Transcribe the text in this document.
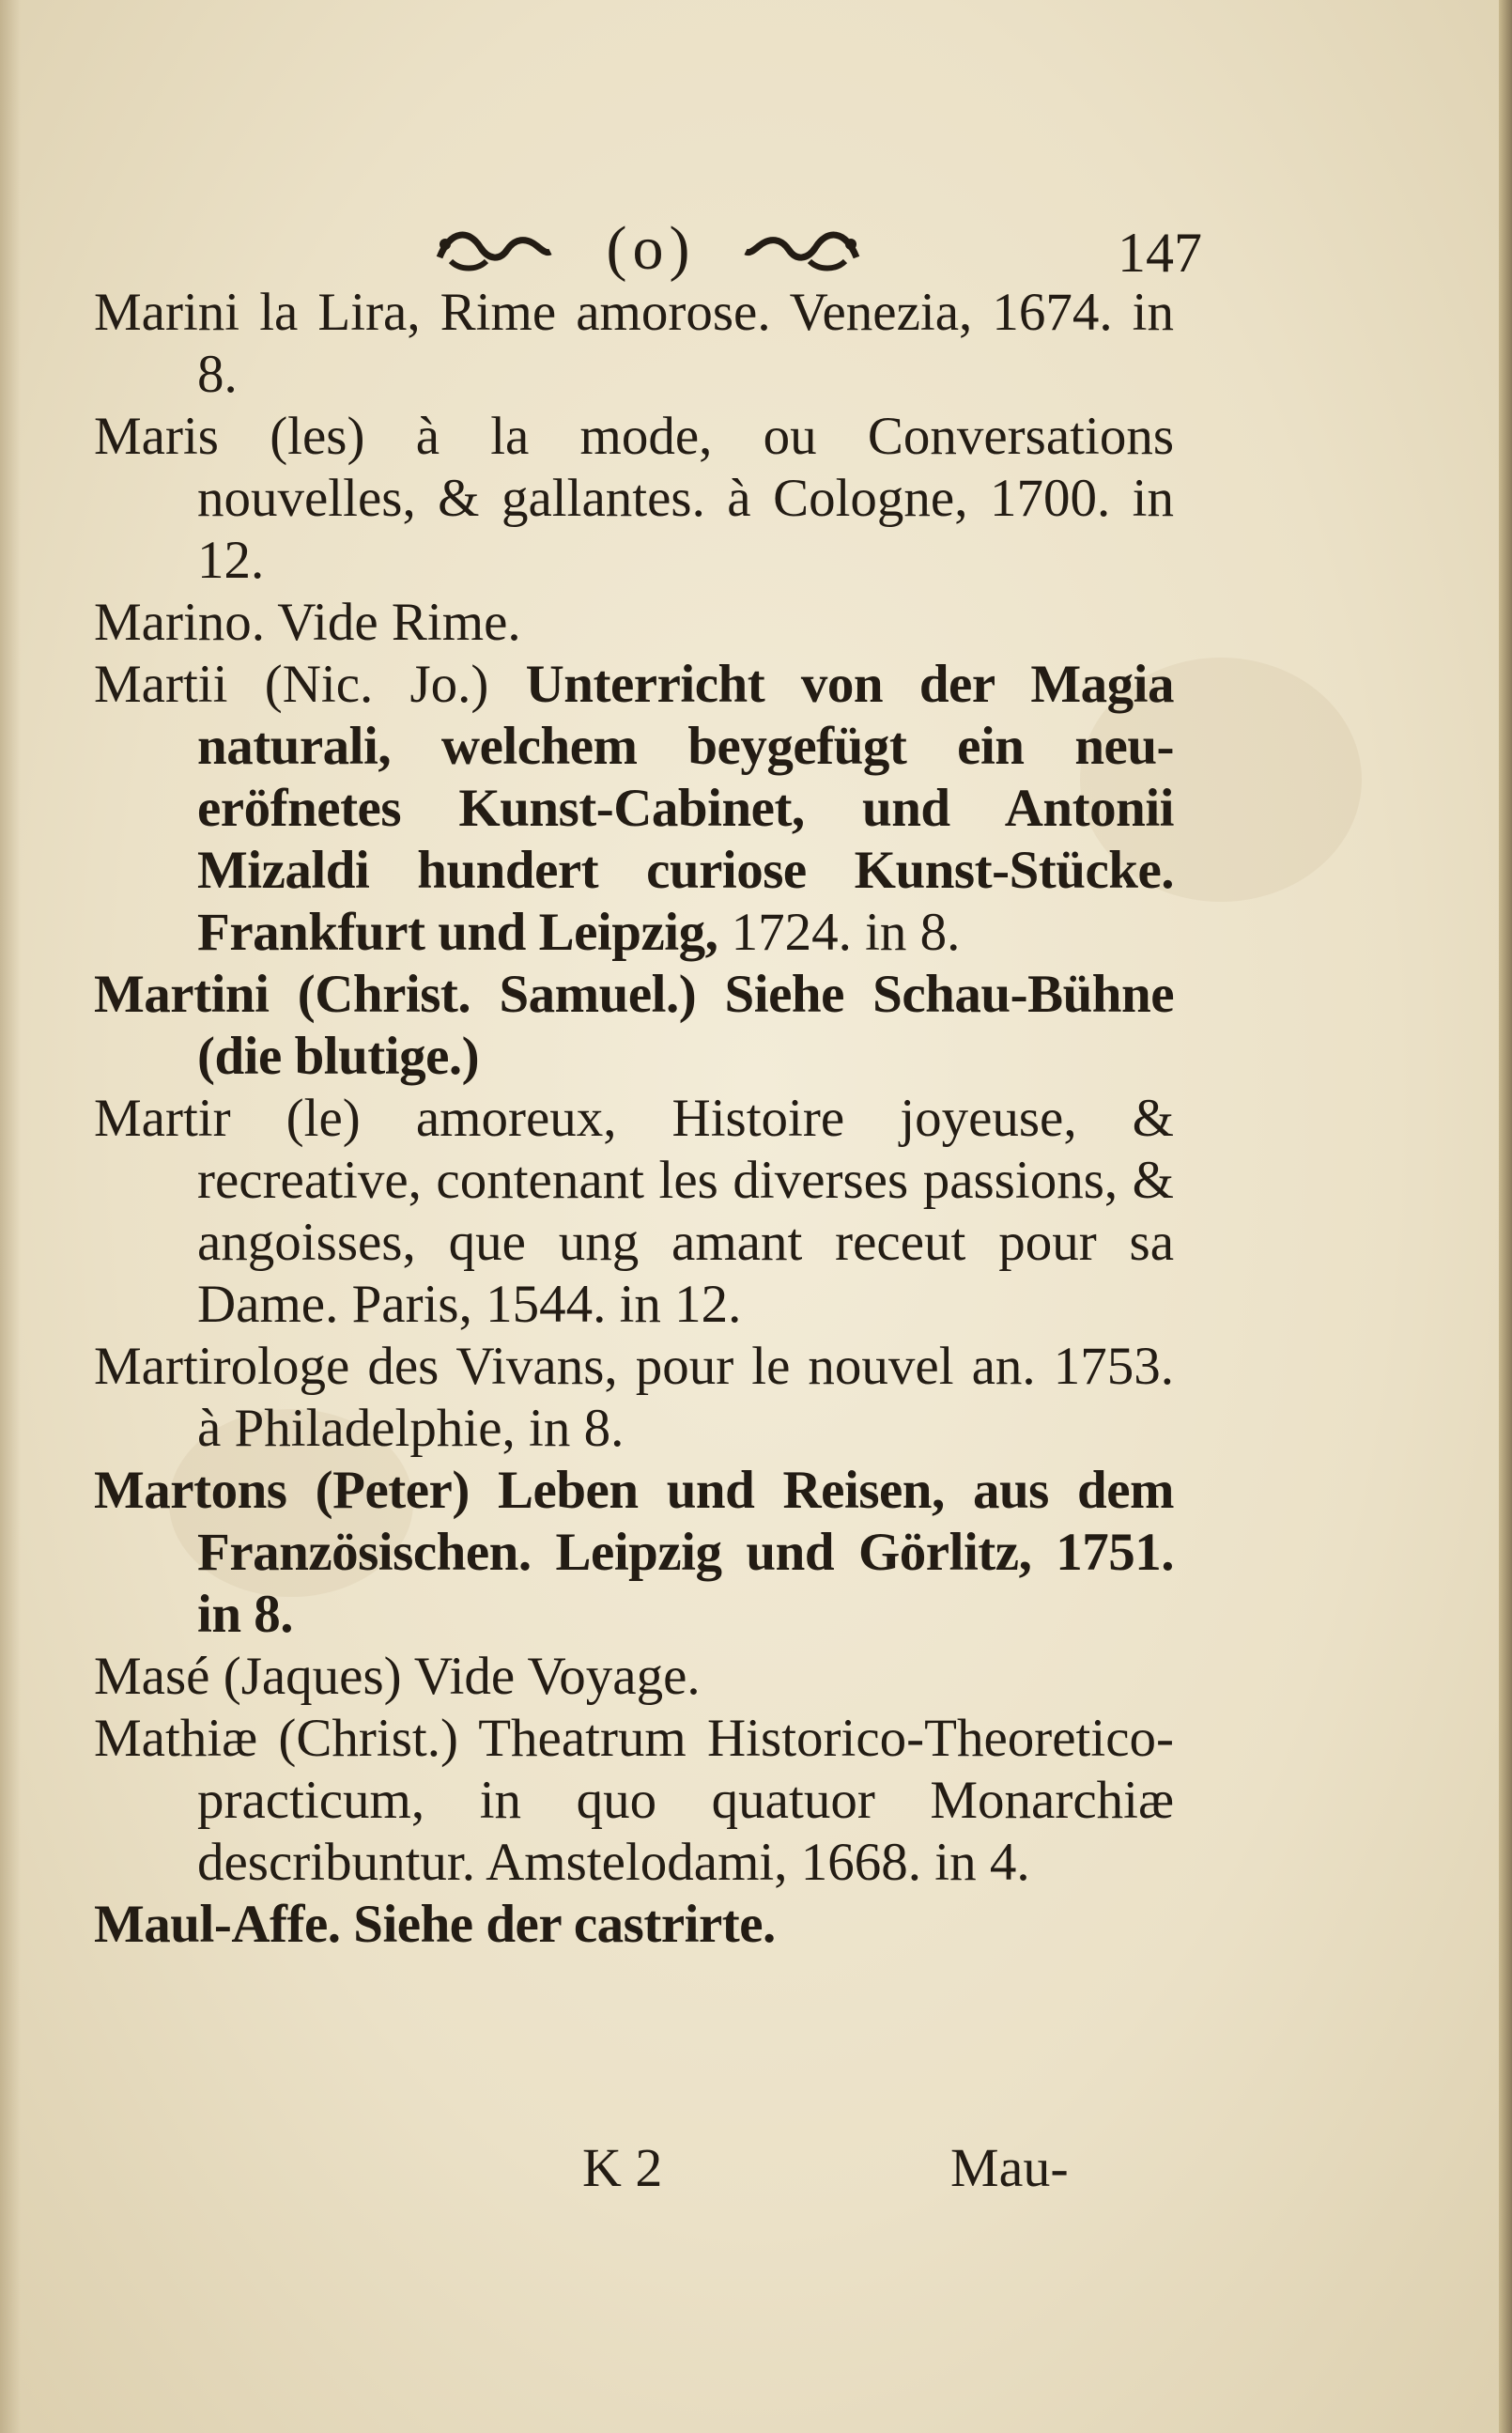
(o)	147

Marini la Lira, Rime amorose. Venezia, 1674. in 8.

Maris (les) à la mode, ou Conversations nouvelles, & gallantes. à Cologne, 1700. in 12.

Marino. Vide Rime.

Martii (Nic. Jo.) Unterricht von der Magia naturali, welchem beygefügt ein neu-eröfnetes Kunst-Cabinet, und Antonii Mizaldi hundert curiose Kunst-Stücke. Frankfurt und Leipzig, 1724. in 8.

Martini (Christ. Samuel.) Siehe Schau-Bühne (die blutige.)

Martir (le) amoreux, Histoire joyeuse, & recreative, contenant les diverses passions, & angoisses, que ung amant receut pour sa Dame. Paris, 1544. in 12.

Martirologe des Vivans, pour le nouvel an. 1753. à Philadelphie, in 8.

Martons (Peter) Leben und Reisen, aus dem Französischen. Leipzig und Görlitz, 1751. in 8.

Masé (Jaques) Vide Voyage.

Mathiæ (Christ.) Theatrum Historico-Theoretico-practicum, in quo quatuor Monarchiæ describuntur. Amstelodami, 1668. in 4.

Maul-Affe. Siehe der castrirte.

K 2	Mau-
